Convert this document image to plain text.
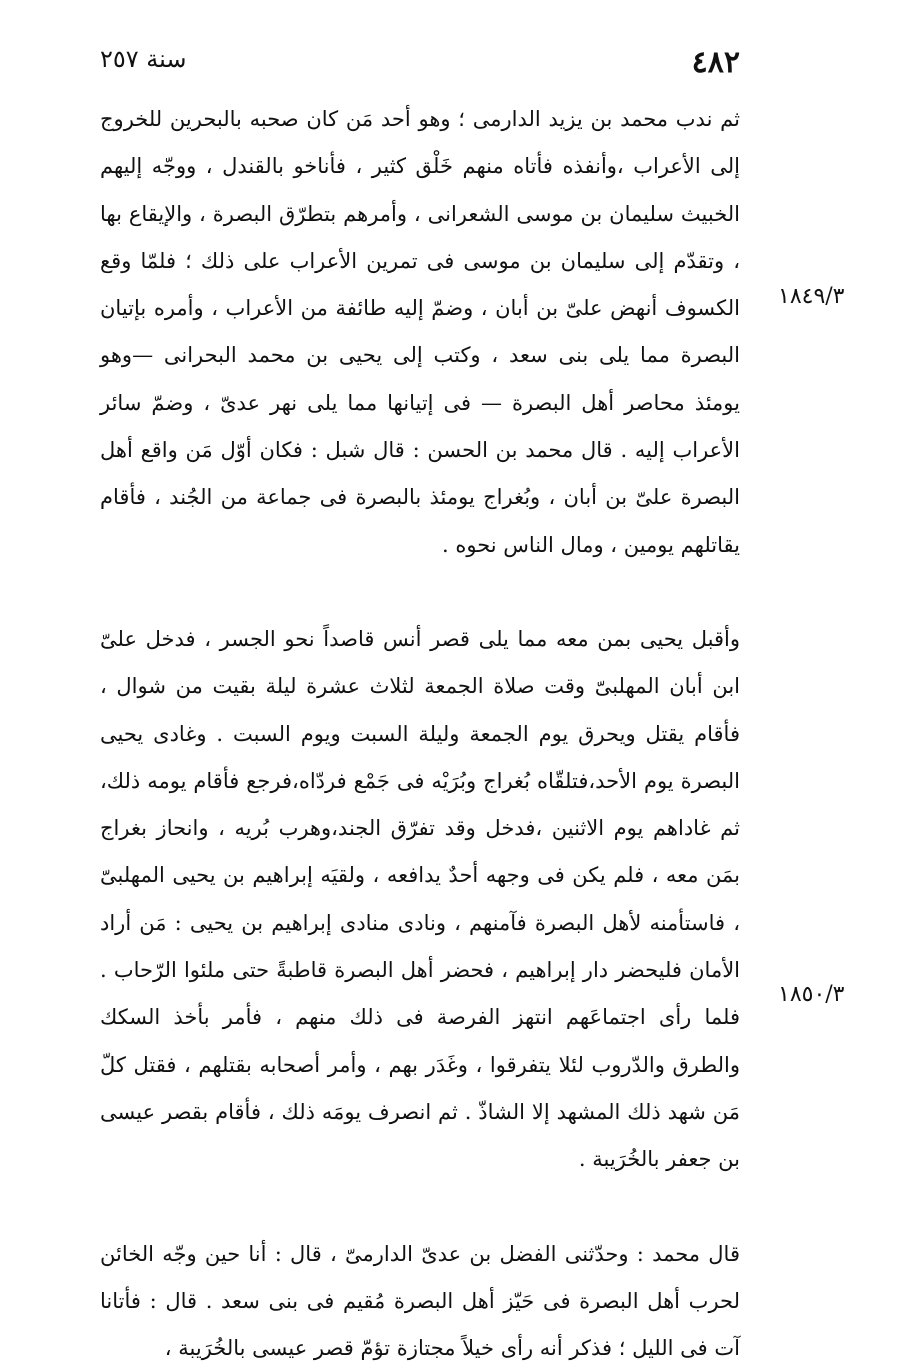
٤٨٢
سنة ٢٥٧
١٨٤٩/٣
١٨٥٠/٣

ثم ندب محمد بن يزيد الدارمى ؛ وهو أحد مَن كان صحبه بالبحرين للخروج إلى الأعراب ،وأنفذه فأتاه منهم خَلْق كثير ، فأناخو بالقندل ، ووجّه إليهم الخبيث سليمان بن موسى الشعرانى ، وأمرهم بتطرّق البصرة ، والإيقاع بها ، وتقدّم إلى سليمان بن موسى فى تمرين الأعراب على ذلك ؛ فلمّا وقع الكسوف أنهض علىّ بن أبان ، وضمّ إليه طائفة من الأعراب ، وأمره بإتيان البصرة مما يلى بنى سعد ، وكتب إلى يحيى بن محمد البحرانى —وهو يومئذ محاصر أهل البصرة — فى إتيانها مما يلى نهر عدىّ ، وضمّ سائر الأعراب إليه . قال محمد بن الحسن : قال شبل : فكان أوّل مَن واقع أهل البصرة علىّ بن أبان ، وبُغراج يومئذ بالبصرة فى جماعة من الجُند ، فأقام يقاتلهم يومين ، ومال الناس نحوه .

وأقبل يحيى بمن معه مما يلى قصر أنس قاصداً نحو الجسر ، فدخل علىّ ابن أبان المهلبىّ وقت صلاة الجمعة لثلاث عشرة ليلة بقيت من شوال ، فأقام يقتل ويحرق يوم الجمعة وليلة السبت ويوم السبت . وغادى يحيى البصرة يوم الأحد،فتلقّاه بُغراج وبُرَيْه فى جَمْع فردّاه،فرجع فأقام يومه ذلك، ثم غاداهم يوم الاثنين ،فدخل وقد تفرّق الجند،وهرب بُريه ، وانحاز بغراج بمَن معه ، فلم يكن فى وجهه أحدٌ يدافعه ، ولقيَه إبراهيم بن يحيى المهلبىّ ، فاستأمنه لأهل البصرة فآمنهم ، ونادى منادى إبراهيم بن يحيى : مَن أراد الأمان فليحضر دار إبراهيم ، فحضر أهل البصرة قاطبةً حتى ملئوا الرّحاب . فلما رأى اجتماعَهم انتهز الفرصة فى ذلك منهم ، فأمر بأخذ السكك والطرق والدّروب لئلا يتفرقوا ، وغَدَر بهم ، وأمر أصحابه بقتلهم ، فقتل كلّ مَن شهد ذلك المشهد إلا الشاذّ . ثم انصرف يومَه ذلك ، فأقام بقصر عيسى بن جعفر بالخُرَيبة .

قال محمد : وحدّثنى الفضل بن عدىّ الدارمىّ ، قال : أنا حين وجّه الخائن لحرب أهل البصرة فى حَيّز أهل البصرة مُقيم فى بنى سعد . قال : فأتانا آت فى الليل ؛ فذكر أنه رأى خيلاً مجتازة تؤمّ قصر عيسى بالخُرَيبة ،
